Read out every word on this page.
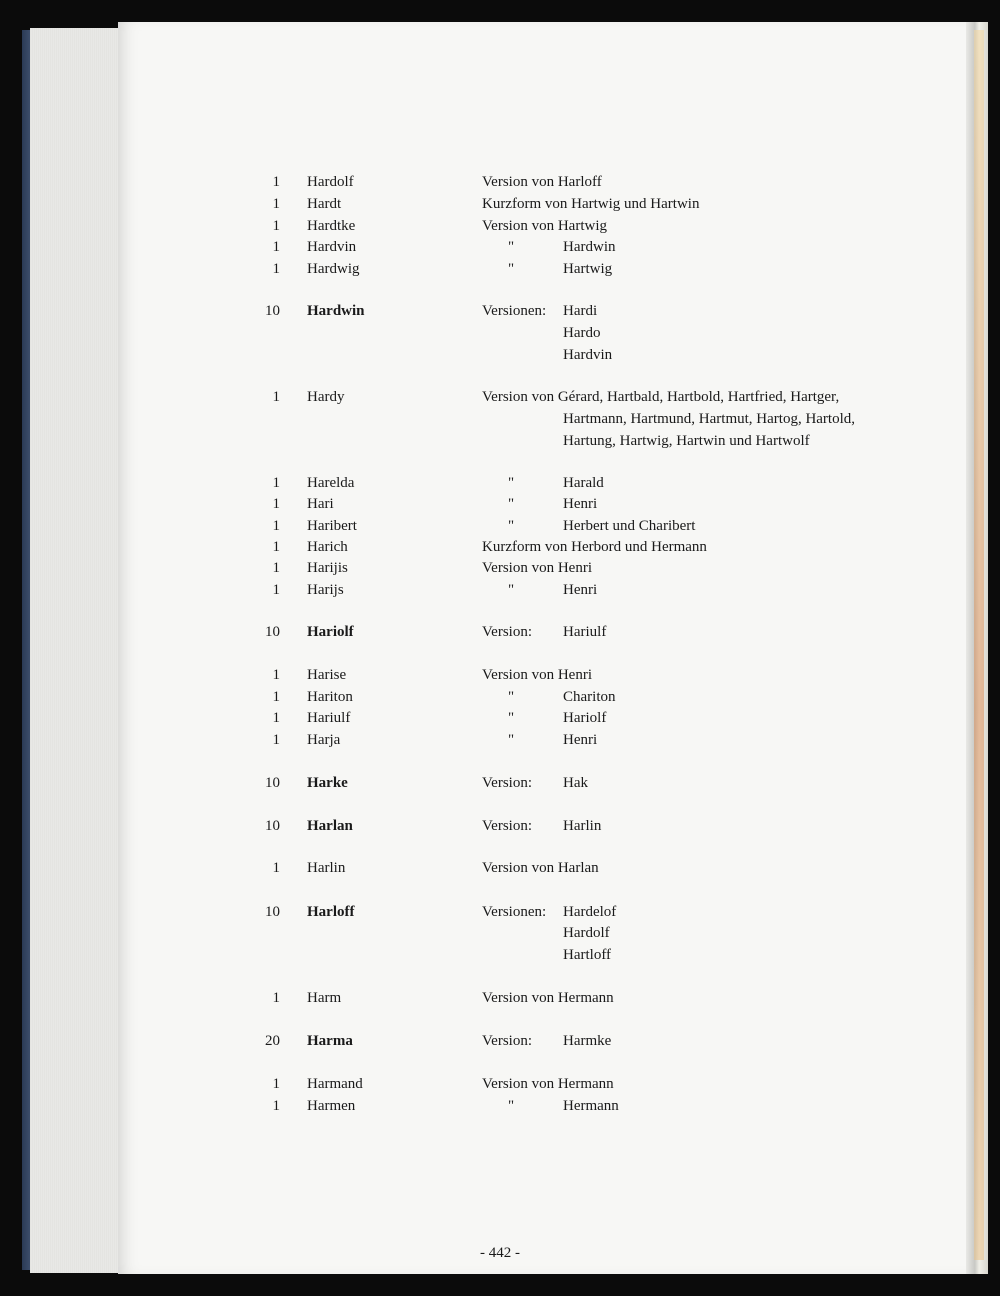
1 Hardolf	Version von Harloff
1 Hardt	Kurzform von Hartwig und Hartwin
1 Hardtke	Version von Hartwig
1 Hardvin	"	Hardwin
1 Hardwig	"	Hartwig
10 Hardwin	Versionen: Hardi
Hardo
Hardvin
1 Hardy	Version von Gérard, Hartbald, Hartbold, Hartfried, Hartger,
Hartmann, Hartmund, Hartmut, Hartog, Hartold,
Hartung, Hartwig, Hartwin und Hartwolf
1 Harelda	"	Harald
1 Hari	"	Henri
1 Haribert	"	Herbert und Charibert
1 Harich	Kurzform von Herbord und Hermann
1 Harijis	Version von Henri
1 Harijs	"	Henri
10 Hariolf	Version: Hariulf
1 Harise	Version von Henri
1 Hariton	"	Chariton
1 Hariulf	"	Hariolf
1 Harja	"	Henri
10 Harke	Version: Hak
10 Harlan	Version: Harlin
1 Harlin	Version von Harlan
10 Harloff	Versionen: Hardelof
Hardolf
Hartloff
1 Harm	Version von Hermann
20 Harma	Version: Harmke
1 Harmand	Version von Hermann
1 Harmen	"	Hermann
- 442 -
